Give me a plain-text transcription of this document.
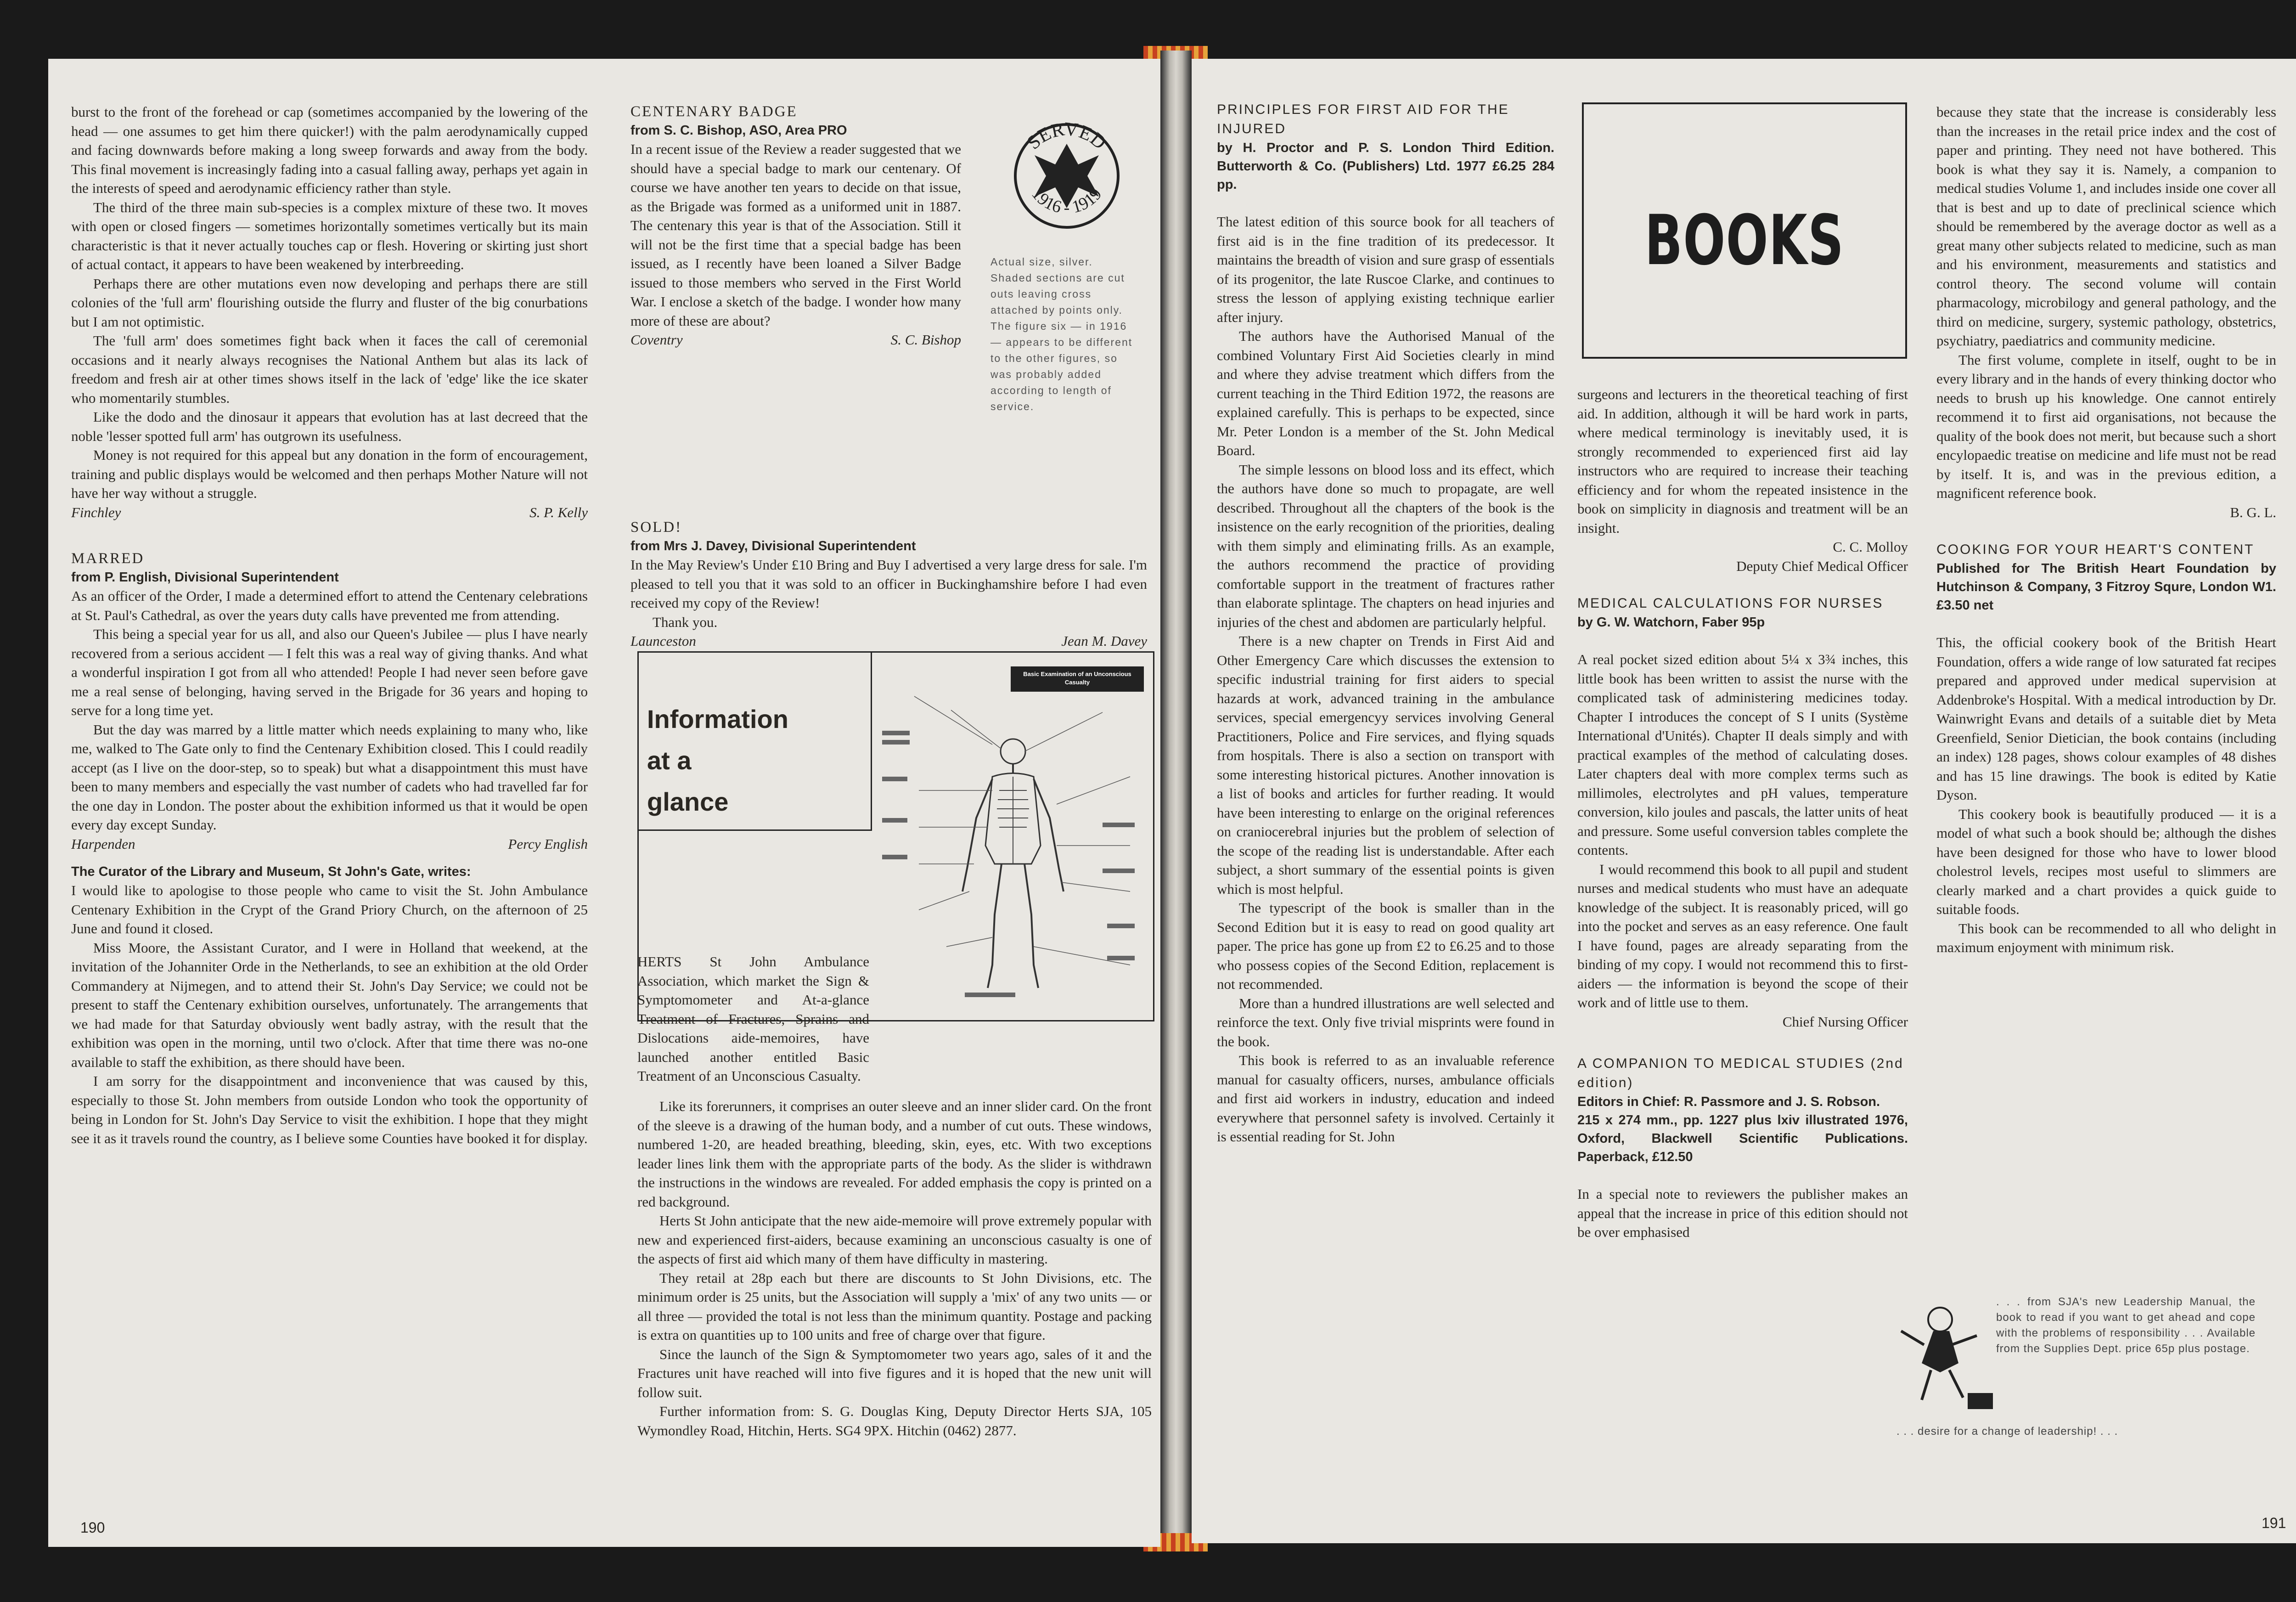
burst to the front of the forehead or cap (sometimes accompanied by the lowering of the head — one assumes to get him there quicker!) with the palm aerodynamically cupped and facing downwards before making a long sweep forwards and away from the body. This final movement is increasingly fading into a casual falling away, perhaps yet again in the interests of speed and aerodynamic efficiency rather than style.

The third of the three main sub-species is a complex mixture of these two. It moves with open or closed fingers — sometimes horizontally sometimes vertically but its main characteristic is that it never actually touches cap or flesh. Hovering or skirting just short of actual contact, it appears to have been weakened by interbreeding.

Perhaps there are other mutations even now developing and perhaps there are still colonies of the 'full arm' flourishing outside the flurry and fluster of the big conurbations but I am not optimistic.

The 'full arm' does sometimes fight back when it faces the call of ceremonial occasions and it nearly always recognises the National Anthem but alas its lack of freedom and fresh air at other times shows itself in the lack of 'edge' like the ice skater who momentarily stumbles.

Like the dodo and the dinosaur it appears that evolution has at last decreed that the noble 'lesser spotted full arm' has outgrown its usefulness.

Money is not required for this appeal but any donation in the form of encouragement, training and public displays would be welcomed and then perhaps Mother Nature will not have her way without a struggle.

Finchley	S. P. Kelly
MARRED
from P. English, Divisional Superintendent

As an officer of the Order, I made a determined effort to attend the Centenary celebrations at St. Paul's Cathedral, as over the years duty calls have prevented me from attending.

This being a special year for us all, and also our Queen's Jubilee — plus I have nearly recovered from a serious accident — I felt this was a real way of giving thanks. And what a wonderful inspiration I got from all who attended! People I had never seen before gave me a real sense of belonging, having served in the Brigade for 36 years and hoping to serve for a long time yet.

But the day was marred by a little matter which needs explaining to many who, like me, walked to The Gate only to find the Centenary Exhibition closed. This I could readily accept (as I live on the door-step, so to speak) but what a disappointment this must have been to many members and especially the vast number of cadets who had travelled far for the one day in London. The poster about the exhibition informed us that it would be open every day except Sunday.

Harpenden	Percy English
The Curator of the Library and Museum, St John's Gate, writes:

I would like to apologise to those people who came to visit the St. John Ambulance Centenary Exhibition in the Crypt of the Grand Priory Church, on the afternoon of 25 June and found it closed.

Miss Moore, the Assistant Curator, and I were in Holland that weekend, at the invitation of the Johanniter Orde in the Netherlands, to see an exhibition at the old Order Commandery at Nijmegen, and to attend their St. John's Day Service; we could not be present to staff the Centenary exhibition ourselves, unfortunately. The arrangements that we had made for that Saturday obviously went badly astray, with the result that the exhibition was open in the morning, until two o'clock. After that time there was no-one available to staff the exhibition, as there should have been.

I am sorry for the disappointment and inconvenience that was caused by this, especially to those St. John members from outside London who took the opportunity of being in London for St. John's Day Service to visit the exhibition. I hope that they might see it as it travels round the country, as I believe some Counties have booked it for display.

CENTENARY BADGE
from S. C. Bishop, ASO, Area PRO

In a recent issue of the Review a reader suggested that we should have a special badge to mark our centenary. Of course we have another ten years to decide on that issue, as the Brigade was formed as a uniformed unit in 1887. The centenary this year is that of the Association. Still it will not be the first time that a special badge has been issued, as I recently have been loaned a Silver Badge issued to those members who served in the First World War. I enclose a sketch of the badge. I wonder how many more of these are about?

Coventry	S. C. Bishop
SERVED
1916 - 1919
Actual size, silver. Shaded sections are cut outs leaving cross attached by points only. The figure six — in 1916 — appears to be different to the other figures, so was probably added according to length of service.
SOLD!
from Mrs J. Davey, Divisional Superintendent

In the May Review's Under £10 Bring and Buy I advertised a very large dress for sale. I'm pleased to tell you that it was sold to an officer in Buckinghamshire before I had even received my copy of the Review!

Thank you.

Launceston	Jean M. Davey
Information
at a
glance
Basic Examination of an Unconscious Casualty

HERTS St John Ambulance Association, which market the Sign & Symptomometer and At-a-glance Treatment of Fractures, Sprains and Dislocations aide-memoires, have launched another entitled Basic Treatment of an Unconscious Casualty.

Like its forerunners, it comprises an outer sleeve and an inner slider card. On the front of the sleeve is a drawing of the human body, and a number of cut outs. These windows, numbered 1-20, are headed breathing, bleeding, skin, eyes, etc. With two exceptions leader lines link them with the appropriate parts of the body. As the slider is withdrawn the instructions in the windows are revealed. For added emphasis the copy is printed on a red background.

Herts St John anticipate that the new aide-memoire will prove extremely popular with new and experienced first-aiders, because examining an unconscious casualty is one of the aspects of first aid which many of them have difficulty in mastering.

They retail at 28p each but there are discounts to St John Divisions, etc. The minimum order is 25 units, but the Association will supply a 'mix' of any two units — or all three — provided the total is not less than the minimum quantity. Postage and packing is extra on quantities up to 100 units and free of charge over that figure.

Since the launch of the Sign & Symptomometer two years ago, sales of it and the Fractures unit have reached will into five figures and it is hoped that the new unit will follow suit.

Further information from: S. G. Douglas King, Deputy Director Herts SJA, 105 Wymondley Road, Hitchin, Herts. SG4 9PX. Hitchin (0462) 2877.

190
PRINCIPLES FOR FIRST AID FOR THE INJURED
by H. Proctor and P. S. London Third Edition. Butterworth & Co. (Publishers) Ltd. 1977 £6.25 284 pp.

The latest edition of this source book for all teachers of first aid is in the fine tradition of its predecessor. It maintains the breadth of vision and sure grasp of essentials of its progenitor, the late Ruscoe Clarke, and continues to stress the lesson of applying existing technique earlier after injury.

The authors have the Authorised Manual of the combined Voluntary First Aid Societies clearly in mind and where they advise treatment which differs from the current teaching in the Third Edition 1972, the reasons are explained carefully. This is perhaps to be expected, since Mr. Peter London is a member of the St. John Medical Board.

The simple lessons on blood loss and its effect, which the authors have done so much to propagate, are well described. Throughout all the chapters of the book is the insistence on the early recognition of the priorities, dealing with them simply and eliminating frills. As an example, the authors recommend the practice of providing comfortable support in the treatment of fractures rather than elaborate splintage. The chapters on head injuries and injuries of the chest and abdomen are particularly helpful.

There is a new chapter on Trends in First Aid and Other Emergency Care which discusses the extension to specific industrial training for first aiders to special hazards at work, advanced training in the ambulance services, special emergencyy services involving General Practitioners, Police and Fire services, and flying squads from hospitals. There is also a section on transport with some interesting historical pictures. Another innovation is a list of books and articles for further reading. It would have been interesting to enlarge on the original references on craniocerebral injuries but the problem of selection of the scope of the reading list is understandable. After each subject, a short summary of the essential points is given which is most helpful.

The typescript of the book is smaller than in the Second Edition but it is easy to read on good quality art paper. The price has gone up from £2 to £6.25 and to those who possess copies of the Second Edition, replacement is not recommended.

More than a hundred illustrations are well selected and reinforce the text. Only five trivial misprints were found in the book.

This book is referred to as an invaluable reference manual for casualty officers, nurses, ambulance officials and first aid workers in industry, education and indeed everywhere that personnel safety is involved. Certainly it is essential reading for St. John

BOOKS

surgeons and lecturers in the theoretical teaching of first aid. In addition, although it will be hard work in parts, where medical terminology is inevitably used, it is strongly recommended to experienced first aid lay instructors who are required to increase their teaching efficiency and for whom the repeated insistence in the book on simplicity in diagnosis and treatment will be an insight.

C. C. Molloy
Deputy Chief Medical Officer
MEDICAL CALCULATIONS FOR NURSES
by G. W. Watchorn, Faber 95p

A real pocket sized edition about 5¼ x 3¾ inches, this little book has been written to assist the nurse with the complicated task of administering medicines today. Chapter I introduces the concept of S I units (Système International d'Unités). Chapter II deals simply and with practical examples of the method of calculating doses. Later chapters deal with more complex terms such as millimoles, electrolytes and pH values, temperature conversion, kilo joules and pascals, the latter units of heat and pressure. Some useful conversion tables complete the contents.

I would recommend this book to all pupil and student nurses and medical students who must have an adequate knowledge of the subject. It is reasonably priced, will go into the pocket and serves as an easy reference. One fault I have found, pages are already separating from the binding of my copy. I would not recommend this to first-aiders — the information is beyond the scope of their work and of little use to them.

Chief Nursing Officer
A COMPANION TO MEDICAL STUDIES (2nd edition)
Editors in Chief: R. Passmore and J. S. Robson.
215 x 274 mm., pp. 1227 plus lxiv illustrated 1976, Oxford, Blackwell Scientific Publications. Paperback, £12.50

In a special note to reviewers the publisher makes an appeal that the increase in price of this edition should not be over emphasised

because they state that the increase is considerably less than the increases in the retail price index and the cost of paper and printing. They need not have bothered. This book is what they say it is. Namely, a companion to medical studies Volume 1, and includes inside one cover all that is best and up to date of preclinical science which should be remembered by the average doctor as well as a great many other subjects related to medicine, such as man and his environment, measurements and statistics and control theory. The second volume will contain pharmacology, microbilogy and general pathology, and the third on medicine, surgery, systemic pathology, obstetrics, psychiatry, paediatrics and community medicine.

The first volume, complete in itself, ought to be in every library and in the hands of every thinking doctor who needs to brush up his knowledge. One cannot entirely recommend it to first aid organisations, not because the quality of the book does not merit, but because such a short encylopaedic treatise on medicine and life must not be read by itself. It is, and was in the previous edition, a magnificent reference book.

B. G. L.
COOKING FOR YOUR HEART'S CONTENT
Published for The British Heart Foundation by Hutchinson & Company, 3 Fitzroy Squre, London W1. £3.50 net

This, the official cookery book of the British Heart Foundation, offers a wide range of low saturated fat recipes prepared and approved under medical supervision at Addenbroke's Hospital. With a medical introduction by Dr. Wainwright Evans and details of a suitable diet by Meta Greenfield, Senior Dietician, the book contains (including an index) 128 pages, shows colour examples of 48 dishes and has 15 line drawings. The book is edited by Katie Dyson.

This cookery book is beautifully produced — it is a model of what such a book should be; although the dishes have been designed for those who have to lower blood cholestrol levels, recipes most useful to slimmers are clearly marked and a chart provides a quick guide to suitable foods.

This book can be recommended to all who delight in maximum enjoyment with minimum risk.

. . . from SJA's new Leadership Manual, the book to read if you want to get ahead and cope with the problems of responsibility . . . Available from the Supplies Dept. price 65p plus postage.
. . . desire for a change of leadership! . . .
191
